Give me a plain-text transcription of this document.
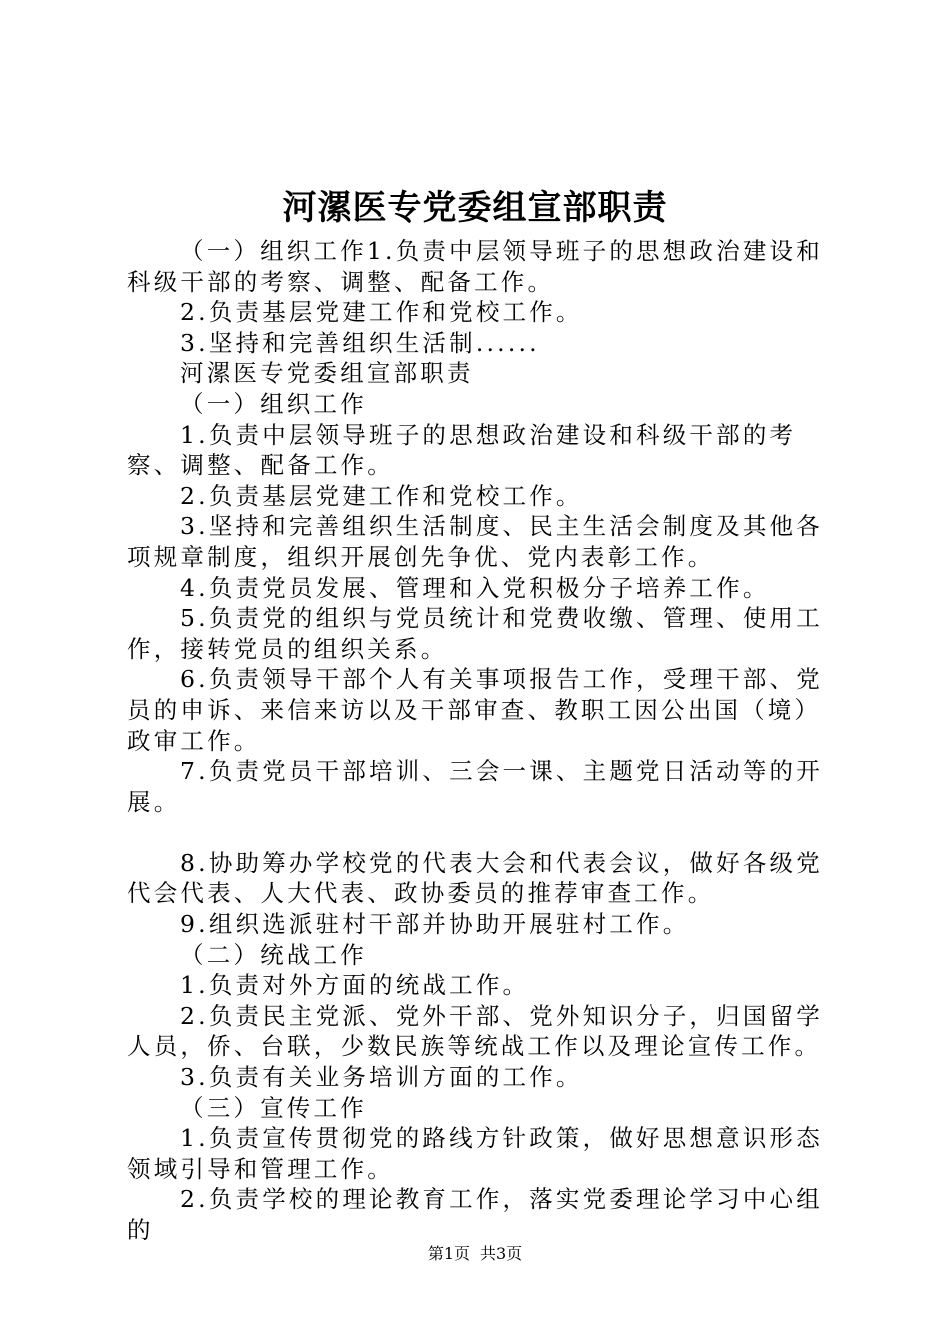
河漯医专党委组宣部职责

（一）组织工作1.负责中层领导班子的思想政治建设和科级干部的考察、调整、配备工作。

2.负责基层党建工作和党校工作。

3.坚持和完善组织生活制......

河漯医专党委组宣部职责

（一）组织工作

1.负责中层领导班子的思想政治建设和科级干部的考察、调整、配备工作。

2.负责基层党建工作和党校工作。

3.坚持和完善组织生活制度、民主生活会制度及其他各项规章制度，组织开展创先争优、党内表彰工作。

4.负责党员发展、管理和入党积极分子培养工作。

5.负责党的组织与党员统计和党费收缴、管理、使用工作，接转党员的组织关系。

6.负责领导干部个人有关事项报告工作，受理干部、党员的申诉、来信来访以及干部审查、教职工因公出国（境）政审工作。

7.负责党员干部培训、三会一课、主题党日活动等的开展。

8.协助筹办学校党的代表大会和代表会议，做好各级党代会代表、人大代表、政协委员的推荐审查工作。

9.组织选派驻村干部并协助开展驻村工作。

（二）统战工作

1.负责对外方面的统战工作。

2.负责民主党派、党外干部、党外知识分子，归国留学人员，侨、台联，少数民族等统战工作以及理论宣传工作。

3.负责有关业务培训方面的工作。

（三）宣传工作

1.负责宣传贯彻党的路线方针政策，做好思想意识形态领域引导和管理工作。

2.负责学校的理论教育工作，落实党委理论学习中心组的

第1页 共3页
